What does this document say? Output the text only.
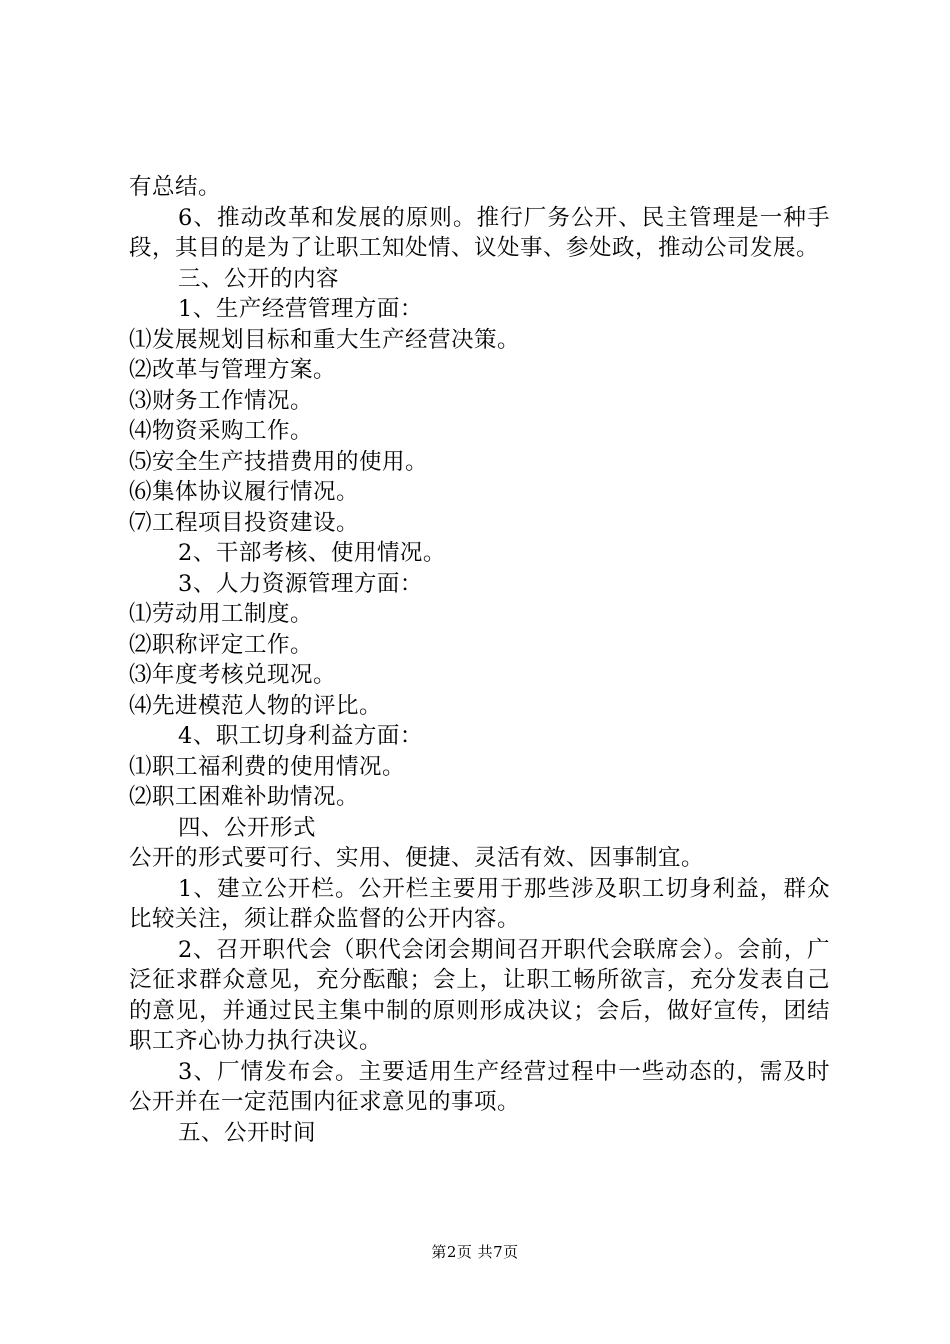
有总结。

6、推动改革和发展的原则。推行厂务公开、民主管理是一种手段，其目的是为了让职工知处情、议处事、参处政，推动公司发展。

三、公开的内容

1、生产经营管理方面：

⑴发展规划目标和重大生产经营决策。

⑵改革与管理方案。

⑶财务工作情况。

⑷物资采购工作。

⑸安全生产技措费用的使用。

⑹集体协议履行情况。

⑺工程项目投资建设。

2、干部考核、使用情况。

3、人力资源管理方面：

⑴劳动用工制度。

⑵职称评定工作。

⑶年度考核兑现况。

⑷先进模范人物的评比。

4、职工切身利益方面：

⑴职工福利费的使用情况。

⑵职工困难补助情况。

四、公开形式

公开的形式要可行、实用、便捷、灵活有效、因事制宜。

1、建立公开栏。公开栏主要用于那些涉及职工切身利益，群众比较关注，须让群众监督的公开内容。

2、召开职代会（职代会闭会期间召开职代会联席会）。会前，广泛征求群众意见，充分酝酿；会上，让职工畅所欲言，充分发表自己的意见，并通过民主集中制的原则形成决议；会后，做好宣传，团结职工齐心协力执行决议。

3、厂情发布会。主要适用生产经营过程中一些动态的，需及时公开并在一定范围内征求意见的事项。

五、公开时间

第2页 共7页
